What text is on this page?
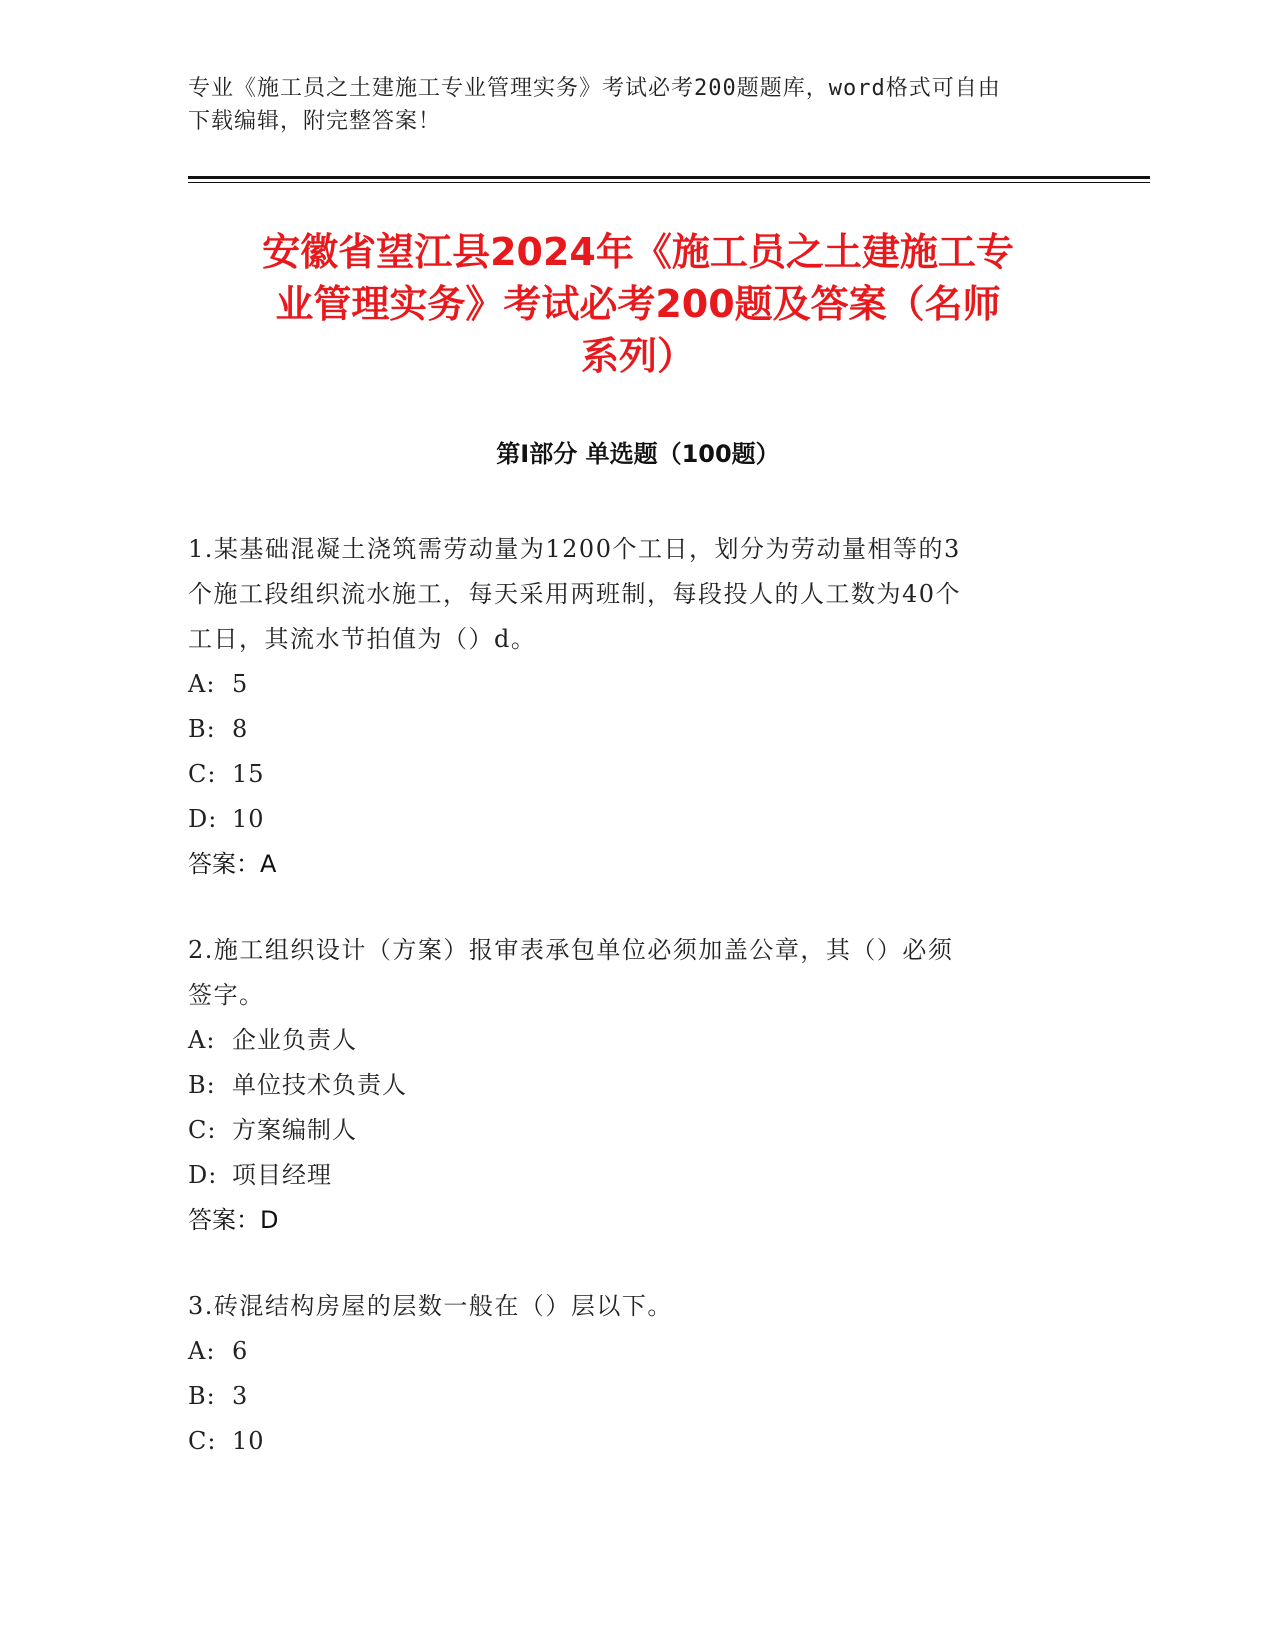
专业《施工员之土建施工专业管理实务》考试必考200题题库，word格式可自由
下载编辑，附完整答案！
安徽省望江县2024年《施工员之土建施工专
业管理实务》考试必考200题及答案（名师
系列）
第Ⅰ部分 单选题（100题）
1.某基础混凝土浇筑需劳动量为1200个工日，划分为劳动量相等的3
个施工段组织流水施工，每天采用两班制，每段投人的人工数为40个
工日，其流水节拍值为（）d。
A: 5
B: 8
C: 15
D: 10
答案：A
2.施工组织设计（方案）报审表承包单位必须加盖公章，其（）必须
签字。
A: 企业负责人
B: 单位技术负责人
C: 方案编制人
D: 项目经理
答案：D
3.砖混结构房屋的层数一般在（）层以下。
A: 6
B: 3
C: 10
